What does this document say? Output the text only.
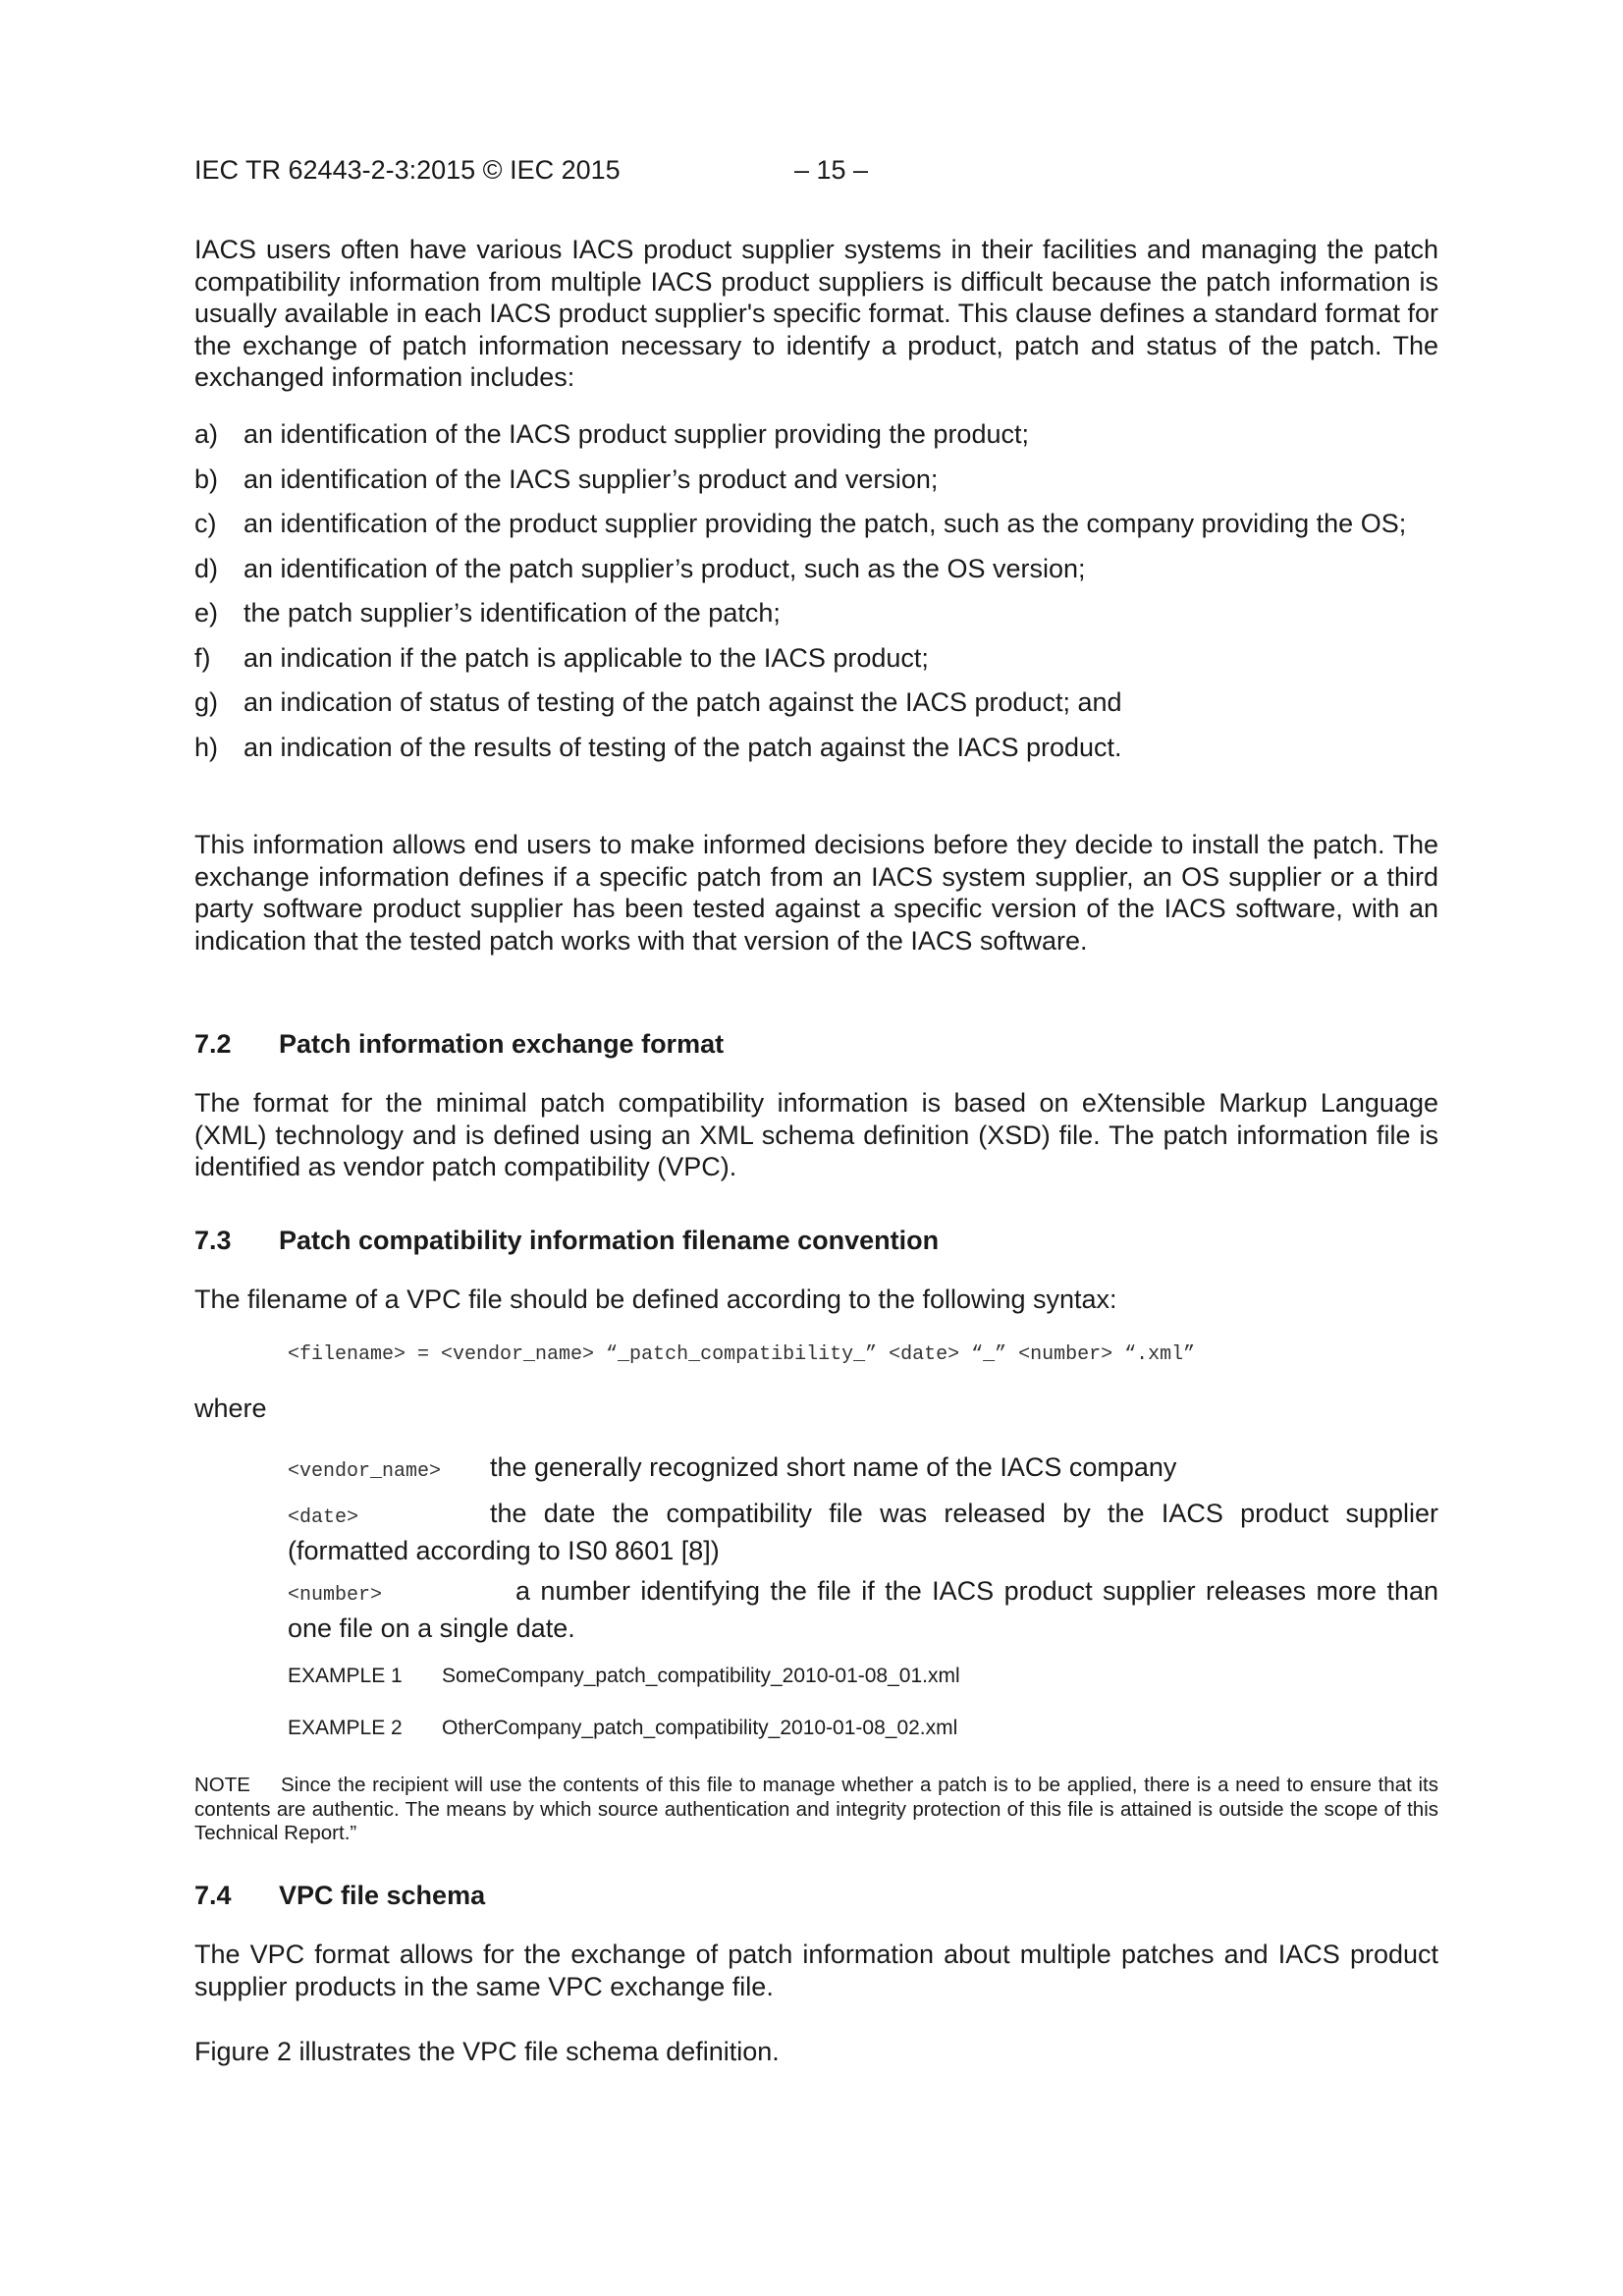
IEC TR 62443-2-3:2015 © IEC 2015	– 15 –

IACS users often have various IACS product supplier systems in their facilities and managing the patch compatibility information from multiple IACS product suppliers is difficult because the patch information is usually available in each IACS product supplier's specific format. This clause defines a standard format for the exchange of patch information necessary to identify a product, patch and status of the patch. The exchanged information includes:

a) an identification of the IACS product supplier providing the product;
b) an identification of the IACS supplier’s product and version;
c)	an identification of the product supplier providing the patch, such as the company providing the OS;
d) an identification of the patch supplier’s product, such as the OS version;
e) the patch supplier’s identification of the patch;
f)	an indication if the patch is applicable to the IACS product;
g) an indication of status of testing of the patch against the IACS product; and
h) an indication of the results of testing of the patch against the IACS product.

This information allows end users to make informed decisions before they decide to install the patch. The exchange information defines if a specific patch from an IACS system supplier, an OS supplier or a third party software product supplier has been tested against a specific version of the IACS software, with an indication that the tested patch works with that version of the IACS software.

7.2	Patch information exchange format

The format for the minimal patch compatibility information is based on eXtensible Markup Language (XML) technology and is defined using an XML schema definition (XSD) file. The patch information file is identified as vendor patch compatibility (VPC).

7.3	Patch compatibility information filename convention

The filename of a VPC file should be defined according to the following syntax:

<filename> = <vendor_name> “_patch_compatibility_” <date> “_” <number> “.xml”

where

<vendor_name> the generally recognized short name of the IACS company
<date>	the date the compatibility file was released by the IACS product supplier (formatted according to IS0 8601 [8])
<number>	a number identifying the file if the IACS product supplier releases more than one file on a single date.
EXAMPLE 1 SomeCompany_patch_compatibility_2010-01-08_01.xml
EXAMPLE 2 OtherCompany_patch_compatibility_2010-01-08_02.xml
NOTE Since the recipient will use the contents of this file to manage whether a patch is to be applied, there is a need to ensure that its contents are authentic. The means by which source authentication and integrity protection of this file is attained is outside the scope of this Technical Report.”
7.4	VPC file schema

The VPC format allows for the exchange of patch information about multiple patches and IACS product supplier products in the same VPC exchange file.

Figure 2 illustrates the VPC file schema definition.
